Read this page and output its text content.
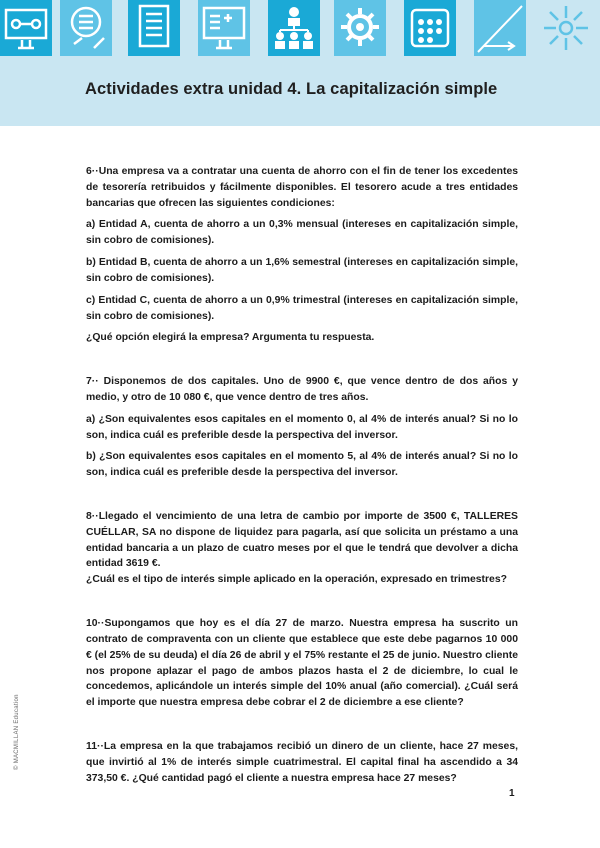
Actividades extra unidad 4. La capitalización simple

6··Una empresa va a contratar una cuenta de ahorro con el fin de tener los excedentes de tesorería retribuidos y fácilmente disponibles. El tesorero acude a tres entidades bancarias que ofrecen las siguientes condiciones:

a) Entidad A, cuenta de ahorro a un 0,3% mensual (intereses en capitalización simple, sin cobro de comisiones).

b) Entidad B, cuenta de ahorro a un 1,6% semestral (intereses en capitalización simple, sin cobro de comisiones).

c) Entidad C, cuenta de ahorro a un 0,9% trimestral (intereses en capitalización simple, sin cobro de comisiones).

¿Qué opción elegirá la empresa? Argumenta tu respuesta.

7·· Disponemos de dos capitales. Uno de 9900 €, que vence dentro de dos años y medio, y otro de 10 080 €, que vence dentro de tres años.

a) ¿Son equivalentes esos capitales en el momento 0, al 4% de interés anual? Si no lo son, indica cuál es preferible desde la perspectiva del inversor.

b) ¿Son equivalentes esos capitales en el momento 5, al 4% de interés anual? Si no lo son, indica cuál es preferible desde la perspectiva del inversor.

8··Llegado el vencimiento de una letra de cambio por importe de 3500 €, TALLERES CUÉLLAR, SA no dispone de liquidez para pagarla, así que solicita un préstamo a una entidad bancaria a un plazo de cuatro meses por el que le tendrá que devolver a dicha entidad 3619 €.

¿Cuál es el tipo de interés simple aplicado en la operación, expresado en trimestres?

10··Supongamos que hoy es el día 27 de marzo. Nuestra empresa ha suscrito un contrato de compraventa con un cliente que establece que este debe pagarnos 10 000 € (el 25% de su deuda) el día 26 de abril y el 75% restante el 25 de junio. Nuestro cliente nos propone aplazar el pago de ambos plazos hasta el 2 de diciembre, lo cual le concedemos, aplicándole un interés simple del 10% anual (año comercial). ¿Cuál será el importe que nuestra empresa debe cobrar el 2 de diciembre a ese cliente?

11··La empresa en la que trabajamos recibió un dinero de un cliente, hace 27 meses, que invirtió al 1% de interés simple cuatrimestral. El capital final ha ascendido a 34 373,50 €. ¿Qué cantidad pagó el cliente a nuestra empresa hace 27 meses?

© MACMILLAN Education
1
